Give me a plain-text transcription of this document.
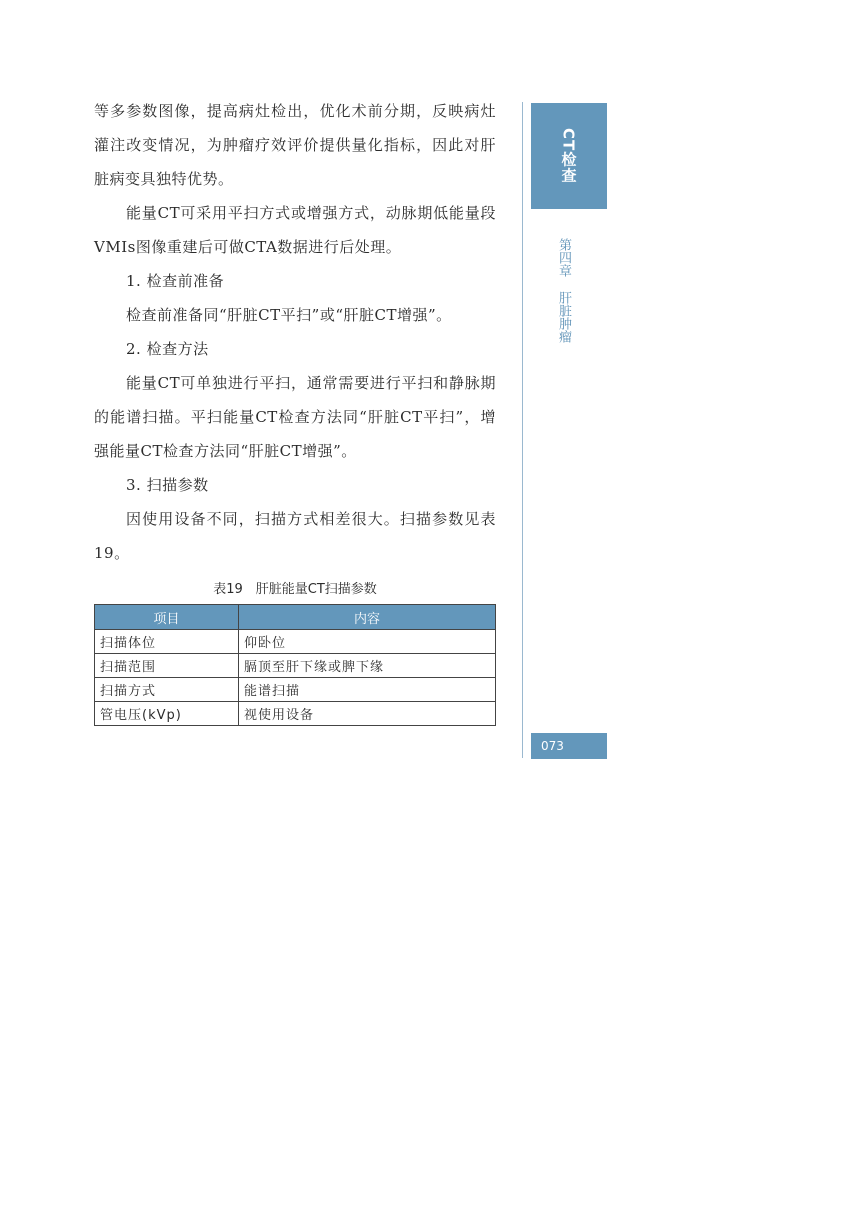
等多参数图像，提高病灶检出，优化术前分期，反映病灶灌注改变情况，为肿瘤疗效评价提供量化指标，因此对肝脏病变具独特优势。

能量CT可采用平扫方式或增强方式，动脉期低能量段VMIs图像重建后可做CTA数据进行后处理。

1. 检查前准备

检查前准备同“肝脏CT平扫”或“肝脏CT增强”。

2. 检查方法

能量CT可单独进行平扫，通常需要进行平扫和静脉期的能谱扫描。平扫能量CT检查方法同“肝脏CT平扫”，增强能量CT检查方法同“肝脏CT增强”。

3. 扫描参数

因使用设备不同，扫描方式相差很大。扫描参数见表19。

表19　肝脏能量CT扫描参数
项目	内容
扫描体位	仰卧位
扫描范围	膈顶至肝下缘或脾下缘
扫描方式	能谱扫描
管电压(kVp)	视使用设备
CT检查
第四章肝脏肿瘤
073
